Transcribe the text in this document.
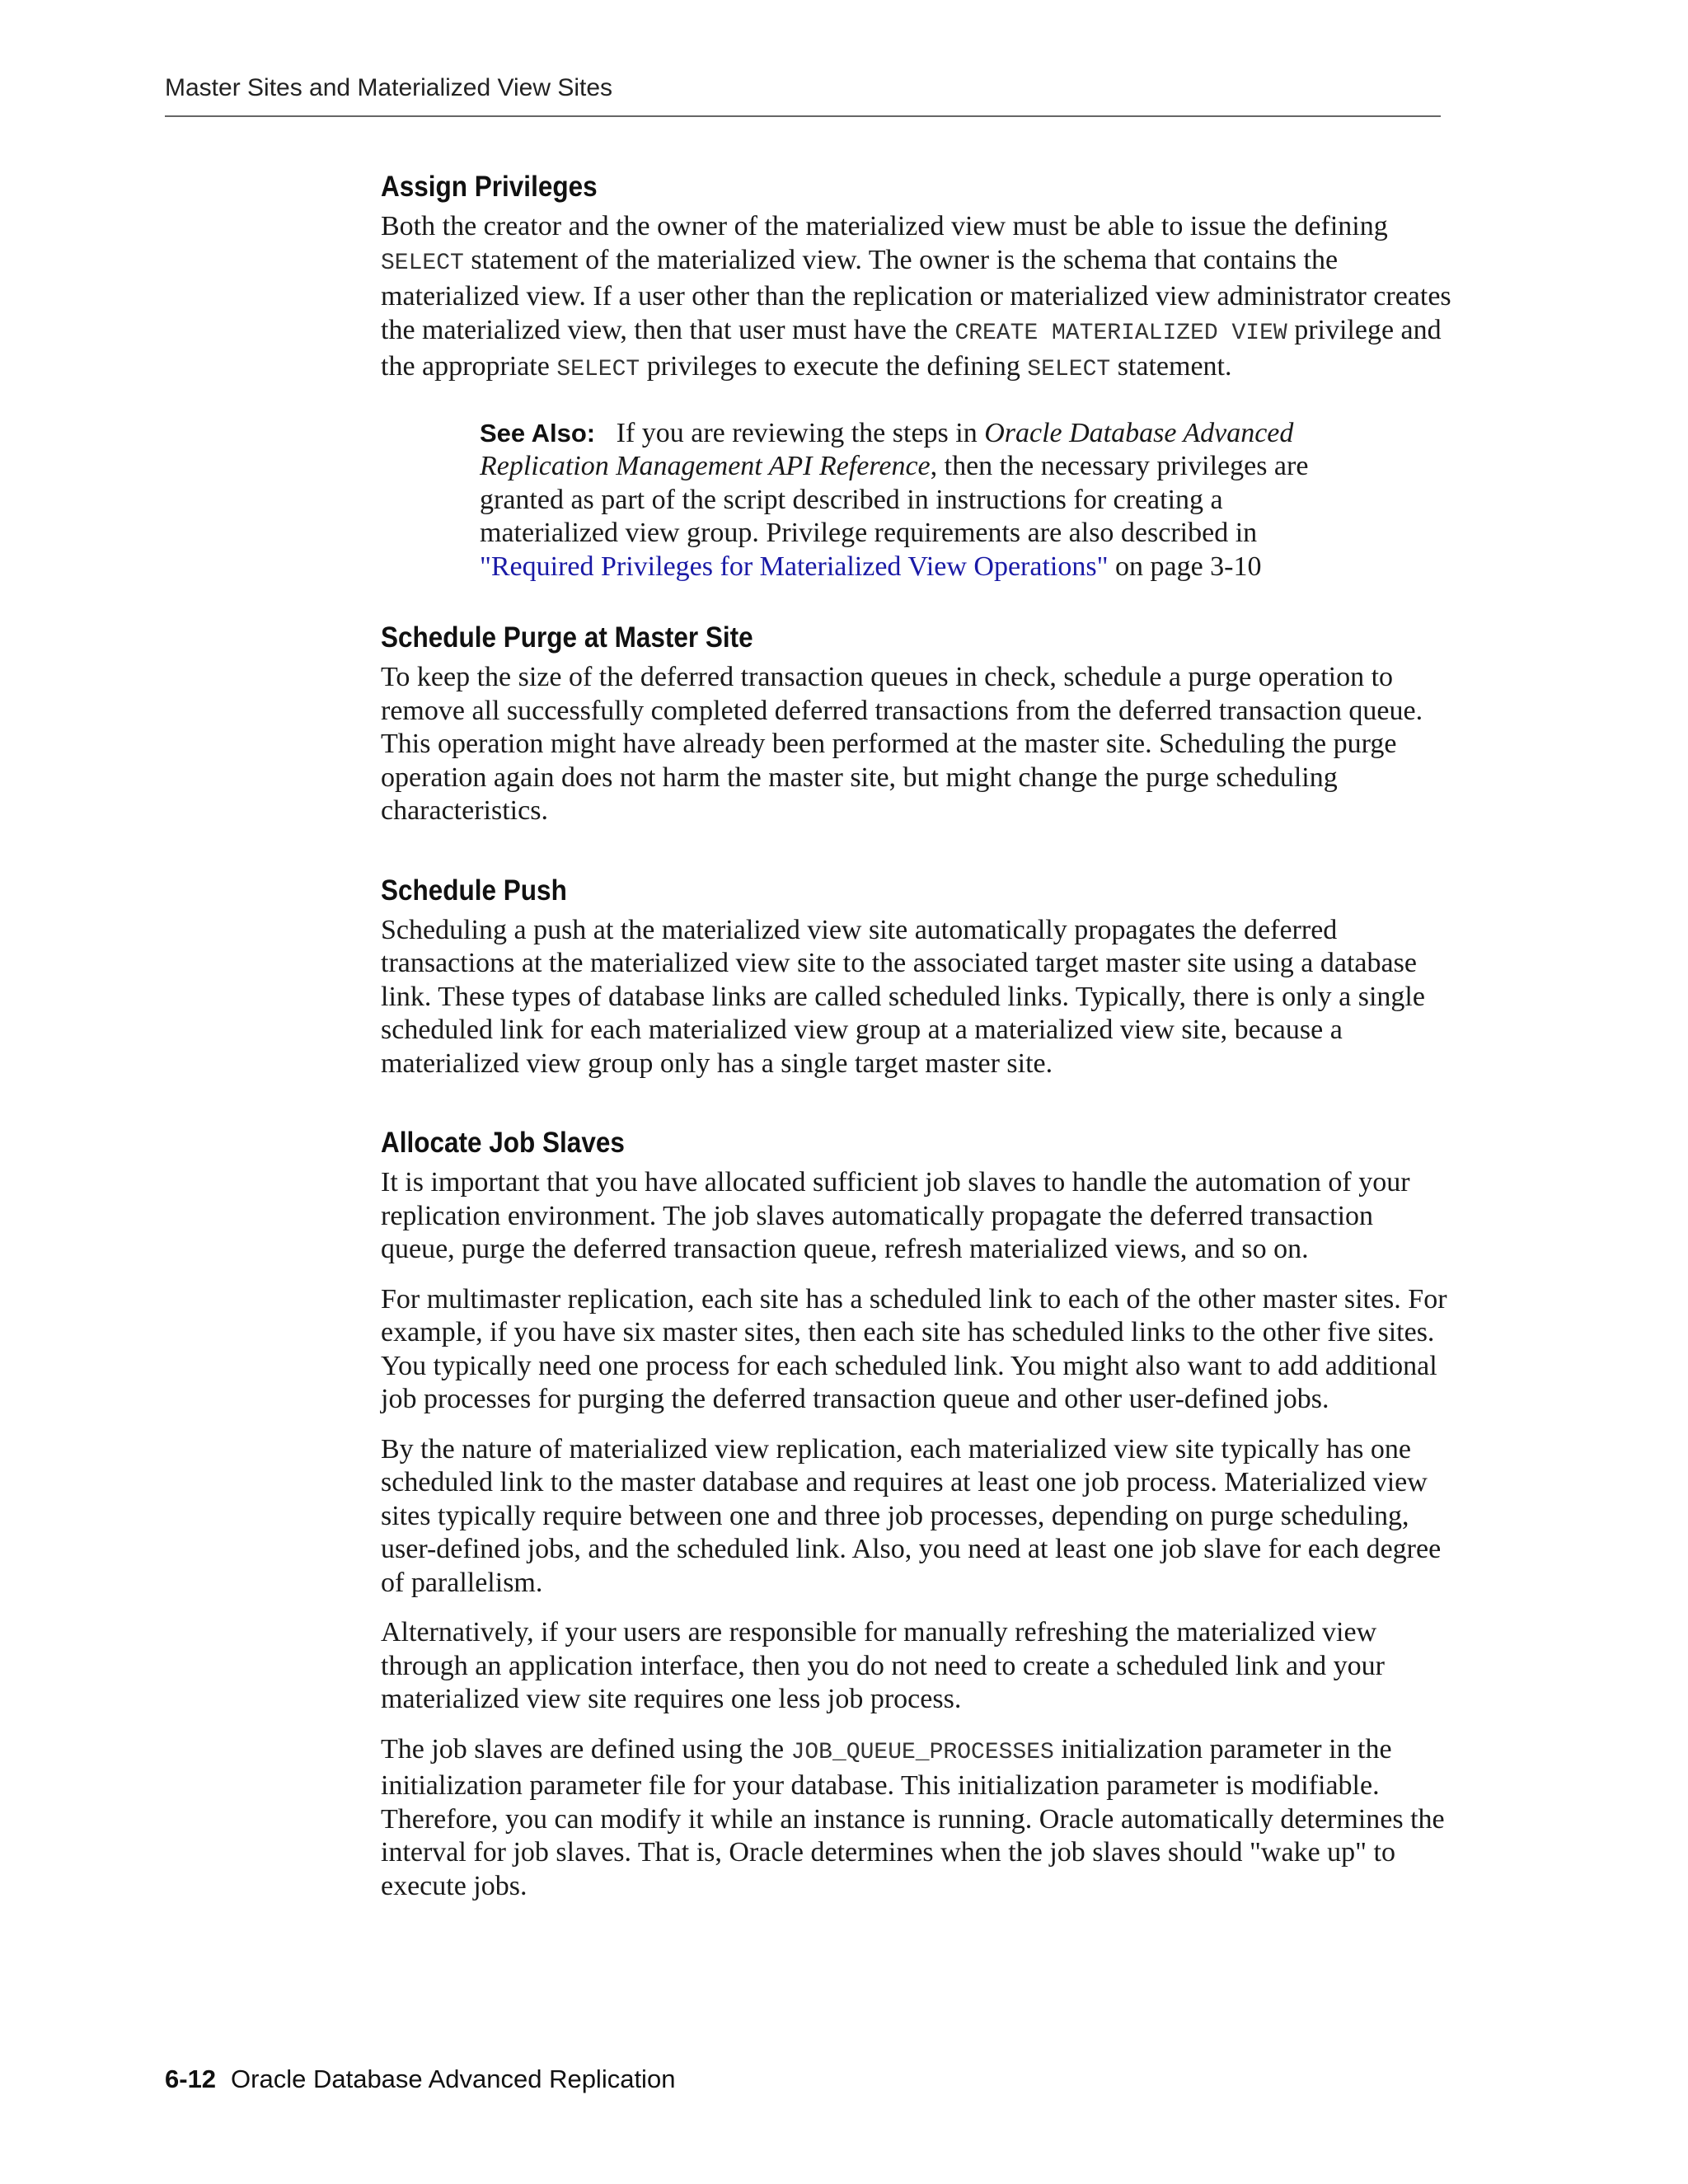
Master Sites and Materialized View Sites
Assign Privileges

Both the creator and the owner of the materialized view must be able to issue the defining SELECT statement of the materialized view. The owner is the schema that contains the materialized view. If a user other than the replication or materialized view administrator creates the materialized view, then that user must have the CREATE MATERIALIZED VIEW privilege and the appropriate SELECT privileges to execute the defining SELECT statement.

See Also: If you are reviewing the steps in Oracle Database Advanced Replication Management API Reference, then the necessary privileges are granted as part of the script described in instructions for creating a materialized view group. Privilege requirements are also described in "Required Privileges for Materialized View Operations" on page 3-10
Schedule Purge at Master Site

To keep the size of the deferred transaction queues in check, schedule a purge operation to remove all successfully completed deferred transactions from the deferred transaction queue. This operation might have already been performed at the master site. Scheduling the purge operation again does not harm the master site, but might change the purge scheduling characteristics.

Schedule Push

Scheduling a push at the materialized view site automatically propagates the deferred transactions at the materialized view site to the associated target master site using a database link. These types of database links are called scheduled links. Typically, there is only a single scheduled link for each materialized view group at a materialized view site, because a materialized view group only has a single target master site.

Allocate Job Slaves

It is important that you have allocated sufficient job slaves to handle the automation of your replication environment. The job slaves automatically propagate the deferred transaction queue, purge the deferred transaction queue, refresh materialized views, and so on.

For multimaster replication, each site has a scheduled link to each of the other master sites. For example, if you have six master sites, then each site has scheduled links to the other five sites. You typically need one process for each scheduled link. You might also want to add additional job processes for purging the deferred transaction queue and other user-defined jobs.

By the nature of materialized view replication, each materialized view site typically has one scheduled link to the master database and requires at least one job process. Materialized view sites typically require between one and three job processes, depending on purge scheduling, user-defined jobs, and the scheduled link. Also, you need at least one job slave for each degree of parallelism.

Alternatively, if your users are responsible for manually refreshing the materialized view through an application interface, then you do not need to create a scheduled link and your materialized view site requires one less job process.

The job slaves are defined using the JOB_QUEUE_PROCESSES initialization parameter in the initialization parameter file for your database. This initialization parameter is modifiable. Therefore, you can modify it while an instance is running. Oracle automatically determines the interval for job slaves. That is, Oracle determines when the job slaves should "wake up" to execute jobs.

6-12 Oracle Database Advanced Replication
